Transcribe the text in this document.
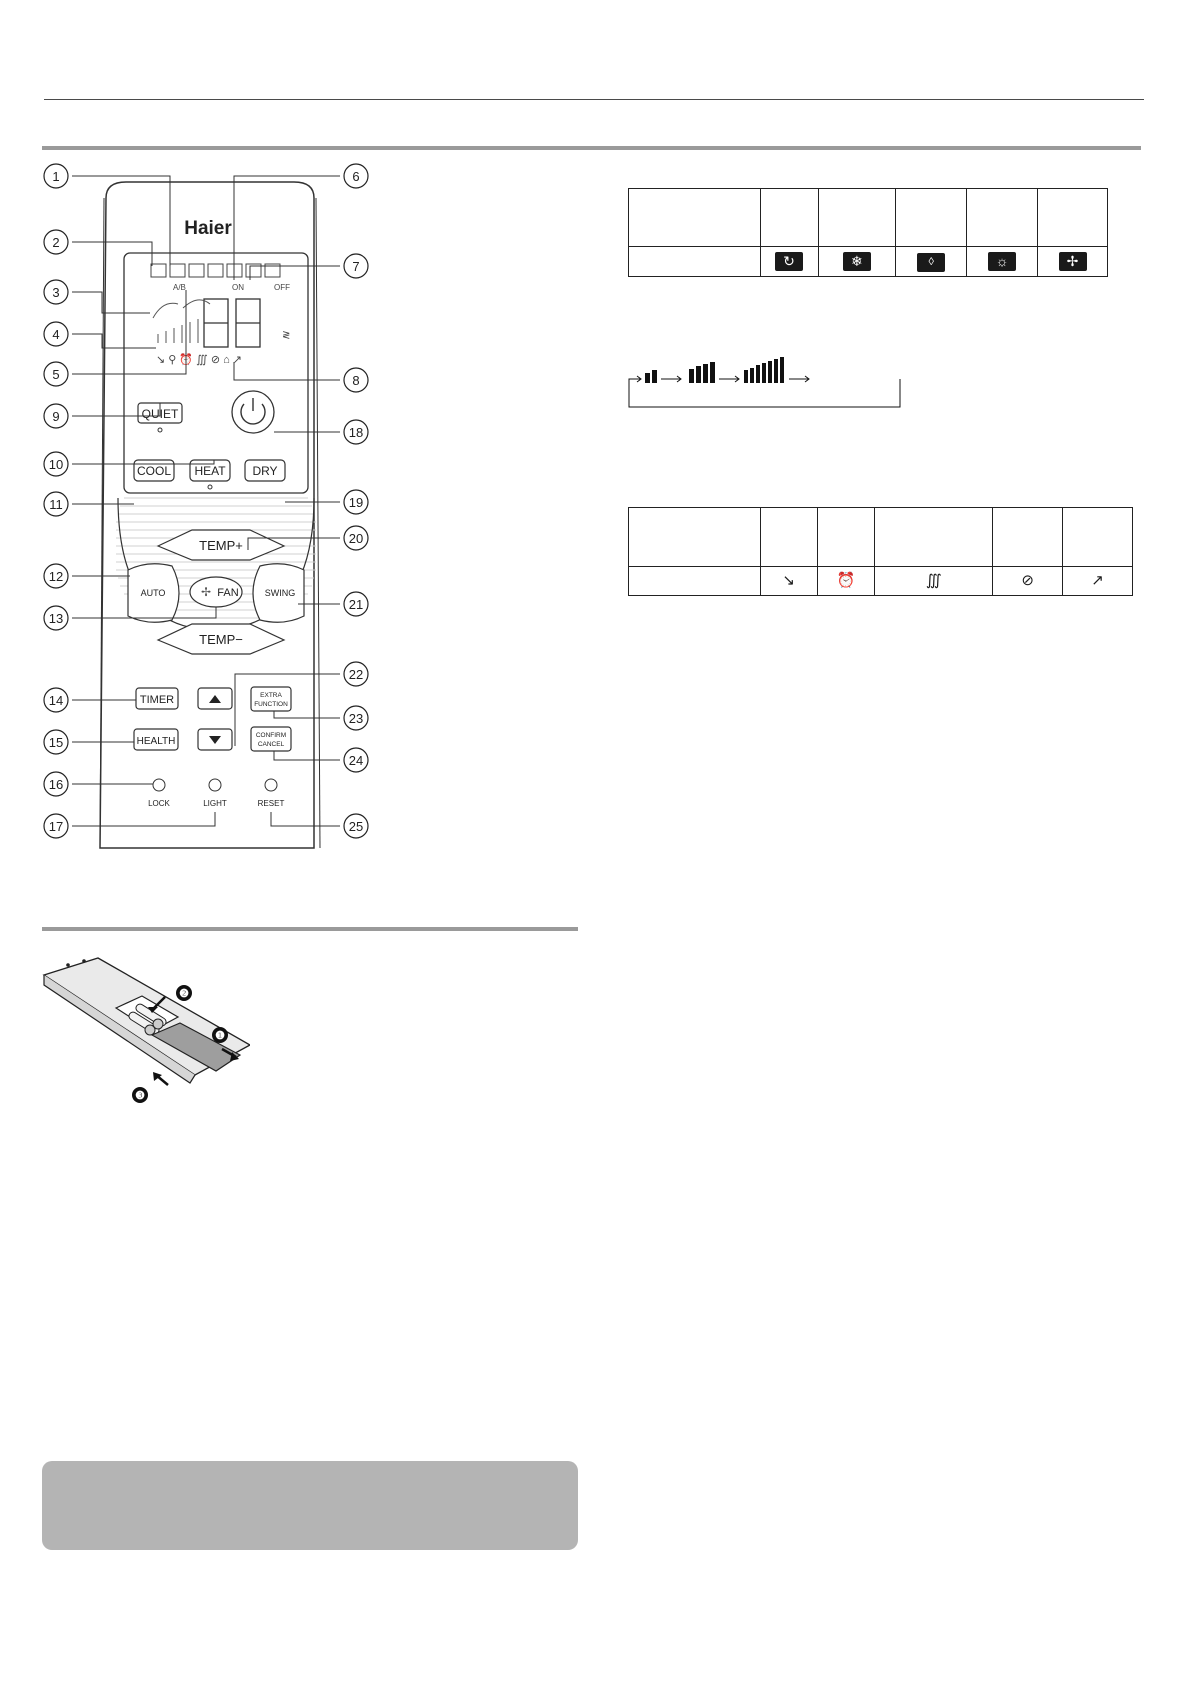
Haier
A/B	ON	OFF
↘ ⚲ ⏰ ∭ ⊘ ⌂ ↗
≷
QUIET
COOL HEAT DRY
TEMP+
TEMP−
AUTO	SWING
✢ FAN
TIMER	EXTRA
FUNCTION
HEALTH
CONFIRM
CANCEL
LOCK	LIGHT	RESET
1
2
3
4
5
6
7
8
9
10
11
12
13
14
15
16
17
18
19
20
21
22
23
24
25

	↻	❄	◊	☼	✢

	↘	⏰	∭	⊘	↗
❷
❶
❸
